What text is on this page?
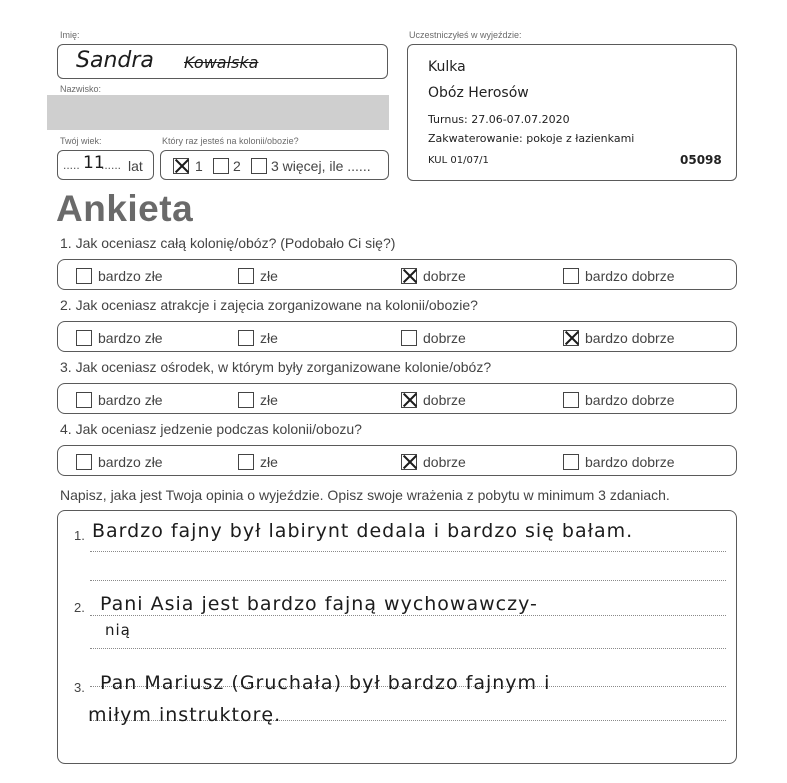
Imię:
Sandra Kowalska
Nazwisko:
Twój wiek:
..... 11
...... lat
Który raz jesteś na kolonii/obozie?
1 2 3 więcej, ile ......
Uczestniczyłeś w wyjeździe:
Kulka
Obóz Herosów
Turnus: 27.06-07.07.2020
Zakwaterowanie: pokoje z łazienkami
KUL 01/07/1	05098
Ankieta
1. Jak oceniasz całą kolonię/obóz? (Podobało Ci się?)
bardzo złe	złe	dobrze	bardzo dobrze
2. Jak oceniasz atrakcje i zajęcia zorganizowane na kolonii/obozie?
bardzo złe	złe	dobrze	bardzo dobrze
3. Jak oceniasz ośrodek, w którym były zorganizowane kolonie/obóz?
bardzo złe	złe	dobrze	bardzo dobrze
4. Jak oceniasz jedzenie podczas kolonii/obozu?
bardzo złe	złe	dobrze	bardzo dobrze
Napisz, jaka jest Twoja opinia o wyjeździe. Opisz swoje wrażenia z pobytu w minimum 3 zdaniach.
1.
2.
3.
Bardzo fajny był labirynt dedala i bardzo się bałam.
Pani Asia jest bardzo fajną wychowawczy-
nią
Pan Mariusz (Gruchała) był bardzo fajnym i
miłym instruktorę.
